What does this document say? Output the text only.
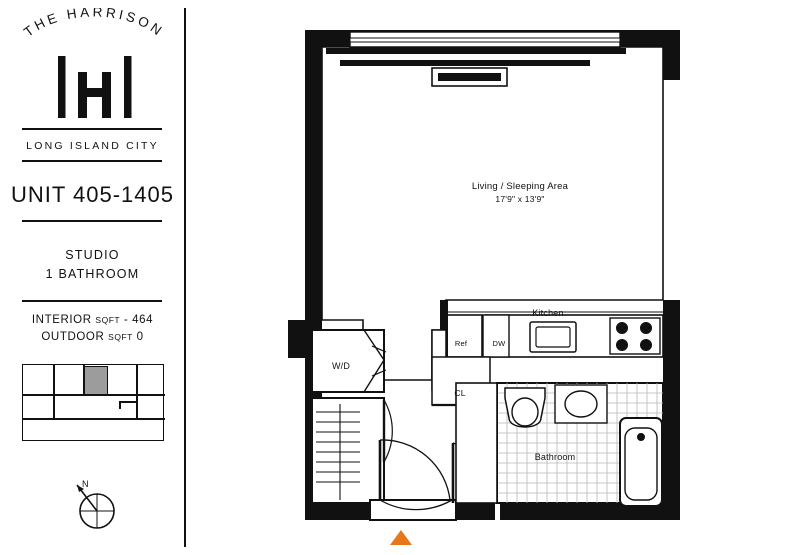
THE HARRISON
LONG ISLAND CITY
UNIT 405-1405
STUDIO
1 BATHROOM
INTERIOR SQFT - 464
OUTDOOR SQFT 0
N
Living / Sleeping Area
17'9" x 13'9"
Kitchen
Bathroom
W/D
CL
Ref	DW
